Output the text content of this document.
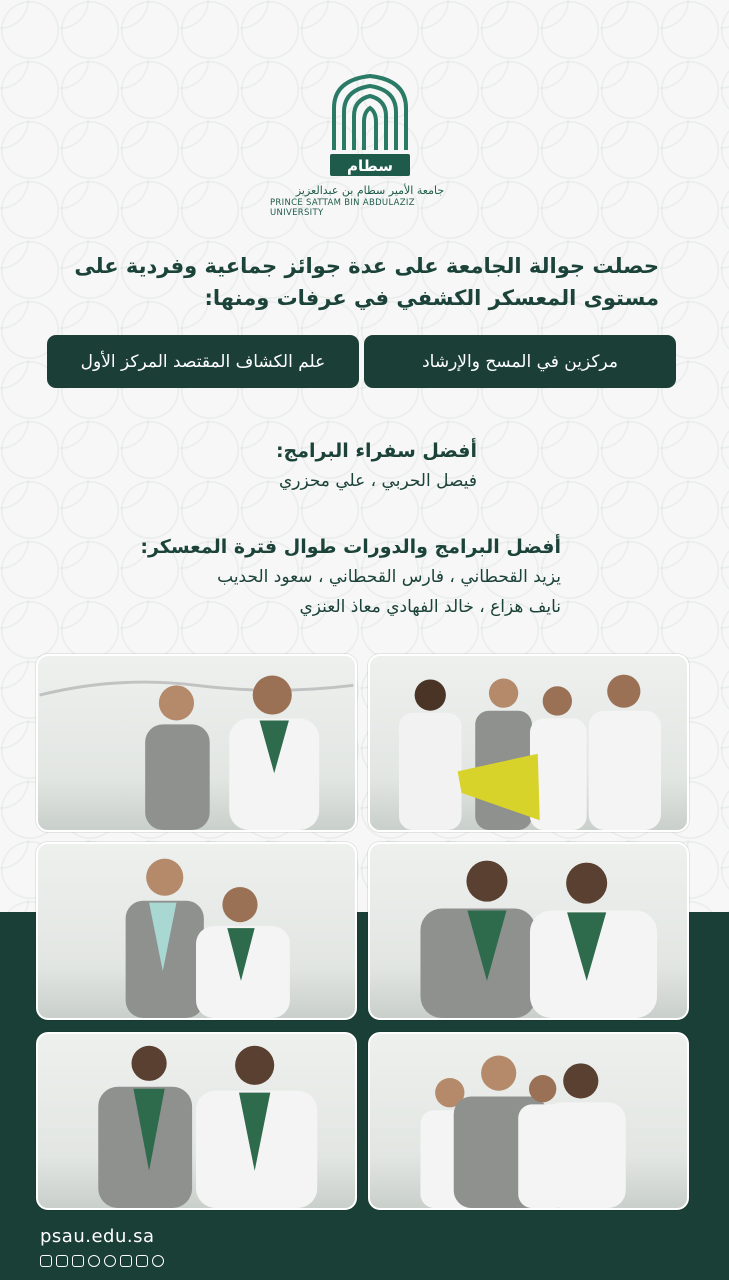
سطام
جامعة الأمير سطام بن عبدالعزيز
PRINCE SATTAM BIN ABDULAZIZ UNIVERSITY
حصلت جوالة الجامعة على عدة جوائز جماعية وفردية على
مستوى المعسكر الكشفي في عرفات ومنها:
مركزين في المسح والإرشاد
علم الكشاف المقتصد المركز الأول
أفضل سفراء البرامج:
فيصل الحربي ، علي محزري
أفضل البرامج والدورات طوال فترة المعسكر:
يزيد القحطاني ، فارس القحطاني ، سعود الحديب
نايف هزاع ، خالد الفهادي معاذ العنزي
psau.edu.sa
